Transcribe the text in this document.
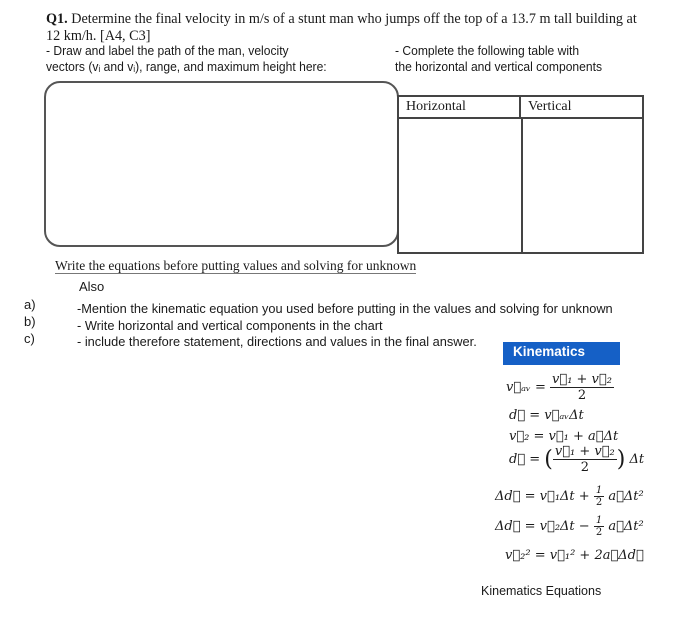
Q1. Determine the final velocity in m/s of a stunt man who jumps off the top of a 13.7 m tall building at 12 km/h. [A4, C3]
- Draw and label the path of the man, velocity
vectors (vᵢ and vᵢ), range, and maximum height here:
- Complete the following table with
the horizontal and vertical components
Horizontal	Vertical
Write the equations before putting values and solving for unknown
Also
a)
b)
c)
-Mention the kinematic equation you used before putting in the values and solving for unknown
- Write horizontal and vertical components in the chart
- include therefore statement, directions and values in the final answer.
Kinematics
v⃗ₐᵥ = $\frac{\text{v⃗₁ + v⃗₂}}{2}$
d⃗ = v⃗ₐᵥΔt
v⃗₂ = v⃗₁ + a⃗Δt
d⃗ = ( $\frac{\text{v⃗₁ + v⃗₂}}{2}$ ) Δt
Δd⃗ = v⃗₁Δt + $\frac{1}{2}$ a⃗Δt²
Δd⃗ = v⃗₂Δt − $\frac{1}{2}$ a⃗Δt²
v⃗₂² = v⃗₁² + 2a⃗Δd⃗
Kinematics Equations
